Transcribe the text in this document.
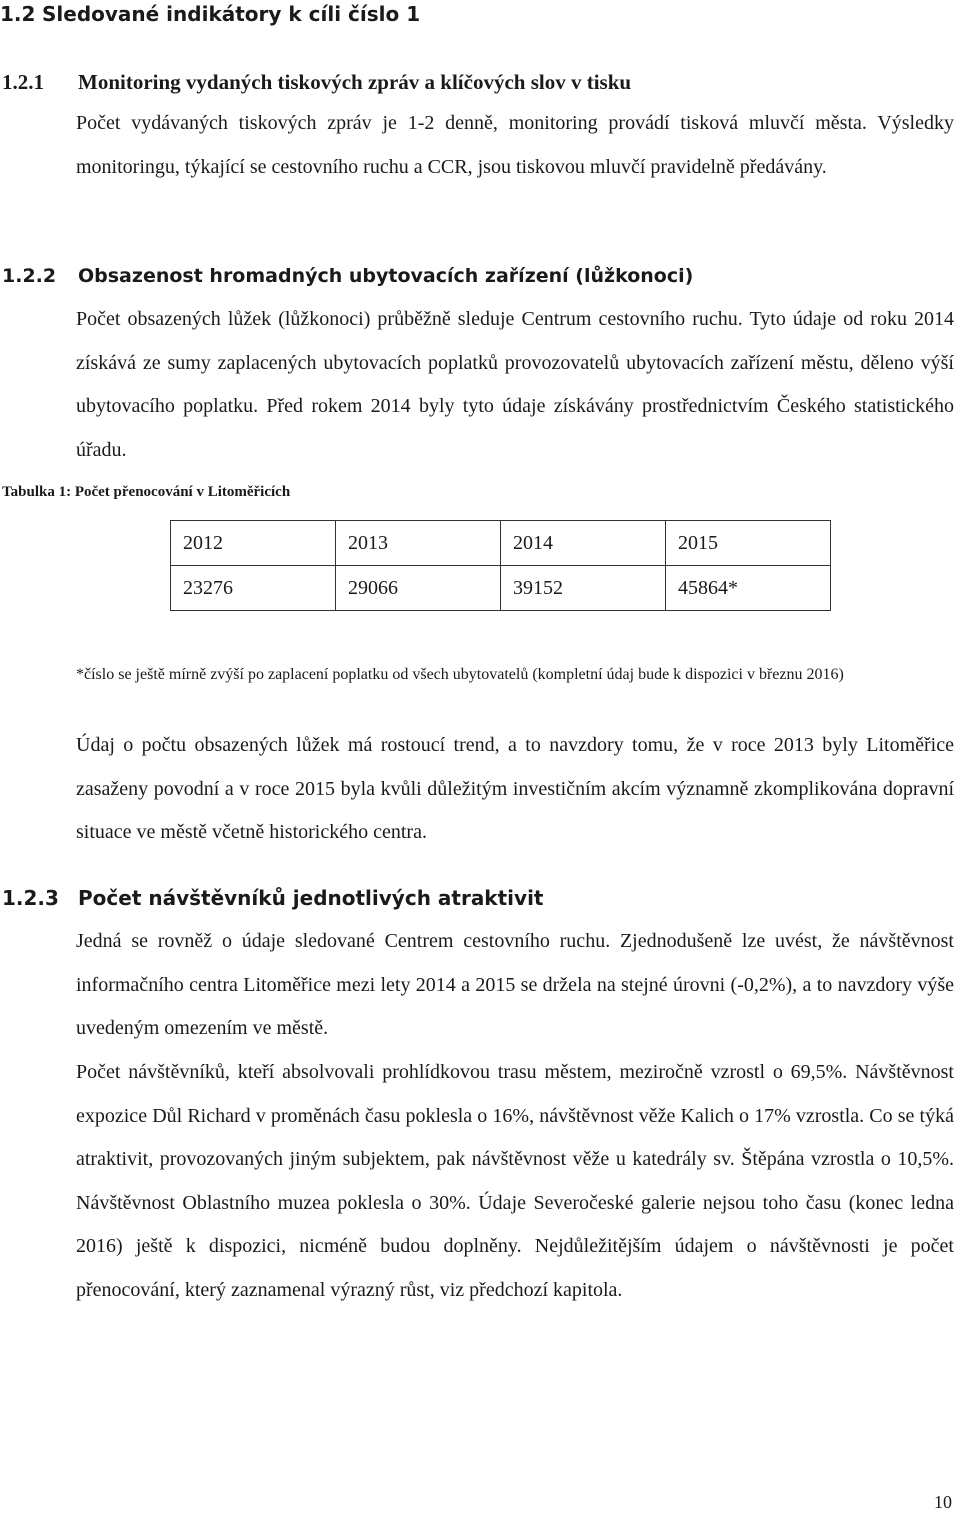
1.2 Sledované indikátory k cíli číslo 1
1.2.1 Monitoring vydaných tiskových zpráv a klíčových slov v tisku

Počet vydávaných tiskových zpráv je 1-2 denně, monitoring provádí tisková mluvčí města. Výsledky monitoringu, týkající se cestovního ruchu a CCR, jsou tiskovou mluvčí pravidelně předávány.

1.2.2 Obsazenost hromadných ubytovacích zařízení (lůžkonoci)

Počet obsazených lůžek (lůžkonoci) průběžně sleduje Centrum cestovního ruchu. Tyto údaje od roku 2014 získává ze sumy zaplacených ubytovacích poplatků provozovatelů ubytovacích zařízení městu, děleno výší ubytovacího poplatku. Před rokem 2014 byly tyto údaje získávány prostřednictvím Českého statistického úřadu.

Tabulka 1: Počet přenocování v Litoměřicích
2012	2013	2014	2015
23276	29066	39152	45864*

*číslo se ještě mírně zvýší po zaplacení poplatku od všech ubytovatelů (kompletní údaj bude k dispozici v březnu 2016)

Údaj o počtu obsazených lůžek má rostoucí trend, a to navzdory tomu, že v roce 2013 byly Litoměřice zasaženy povodní a v roce 2015 byla kvůli důležitým investičním akcím významně zkomplikována dopravní situace ve městě včetně historického centra.

1.2.3 Počet návštěvníků jednotlivých atraktivit

Jedná se rovněž o údaje sledované Centrem cestovního ruchu. Zjednodušeně lze uvést, že návštěvnost informačního centra Litoměřice mezi lety 2014 a 2015 se držela na stejné úrovni (-0,2%), a to navzdory výše uvedeným omezením ve městě.

Počet návštěvníků, kteří absolvovali prohlídkovou trasu městem, meziročně vzrostl o 69,5%. Návštěvnost expozice Důl Richard v proměnách času poklesla o 16%, návštěvnost věže Kalich o 17% vzrostla. Co se týká atraktivit, provozovaných jiným subjektem, pak návštěvnost věže u katedrály sv. Štěpána vzrostla o 10,5%. Návštěvnost Oblastního muzea poklesla o 30%. Údaje Severočeské galerie nejsou toho času (konec ledna 2016) ještě k dispozici, nicméně budou doplněny. Nejdůležitějším údajem o návštěvnosti je počet přenocování, který zaznamenal výrazný růst, viz předchozí kapitola.

10
